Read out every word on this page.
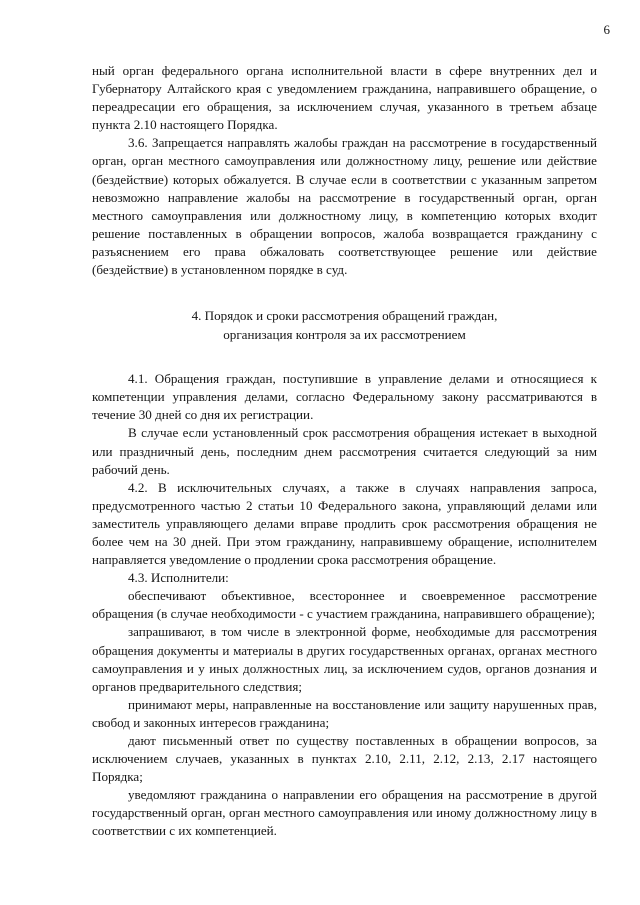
6

ный орган федерального органа исполнительной власти в сфере внутренних дел и Губернатору Алтайского края с уведомлением гражданина, направившего обращение, о переадресации его обращения, за исключением случая, указанного в третьем абзаце пункта 2.10 настоящего Порядка.

3.6. Запрещается направлять жалобы граждан на рассмотрение в государственный орган, орган местного самоуправления или должностному лицу, решение или действие (бездействие) которых обжалуется. В случае если в соответствии с указанным запретом невозможно направление жалобы на рассмотрение в государственный орган, орган местного самоуправления или должностному лицу, в компетенцию которых входит решение поставленных в обращении вопросов, жалоба возвращается гражданину с разъяснением его права обжаловать соответствующее решение или действие (бездействие) в установленном порядке в суд.

4. Порядок и сроки рассмотрения обращений граждан,
организация контроля за их рассмотрением

4.1. Обращения граждан, поступившие в управление делами и относящиеся к компетенции управления делами, согласно Федеральному закону рассматриваются в течение 30 дней со дня их регистрации.

В случае если установленный срок рассмотрения обращения истекает в выходной или праздничный день, последним днем рассмотрения считается следующий за ним рабочий день.

4.2. В исключительных случаях, а также в случаях направления запроса, предусмотренного частью 2 статьи 10 Федерального закона, управляющий делами или заместитель управляющего делами вправе продлить срок рассмотрения обращения не более чем на 30 дней. При этом гражданину, направившему обращение, исполнителем направляется уведомление о продлении срока рассмотрения обращение.

4.3. Исполнители:

обеспечивают объективное, всестороннее и своевременное рассмотрение обращения (в случае необходимости - с участием гражданина, направившего обращение);

запрашивают, в том числе в электронной форме, необходимые для рассмотрения обращения документы и материалы в других государственных органах, органах местного самоуправления и у иных должностных лиц, за исключением судов, органов дознания и органов предварительного следствия;

принимают меры, направленные на восстановление или защиту нарушенных прав, свобод и законных интересов гражданина;

дают письменный ответ по существу поставленных в обращении вопросов, за исключением случаев, указанных в пунктах 2.10, 2.11, 2.12, 2.13, 2.17 настоящего Порядка;

уведомляют гражданина о направлении его обращения на рассмотрение в другой государственный орган, орган местного самоуправления или иному должностному лицу в соответствии с их компетенцией.
